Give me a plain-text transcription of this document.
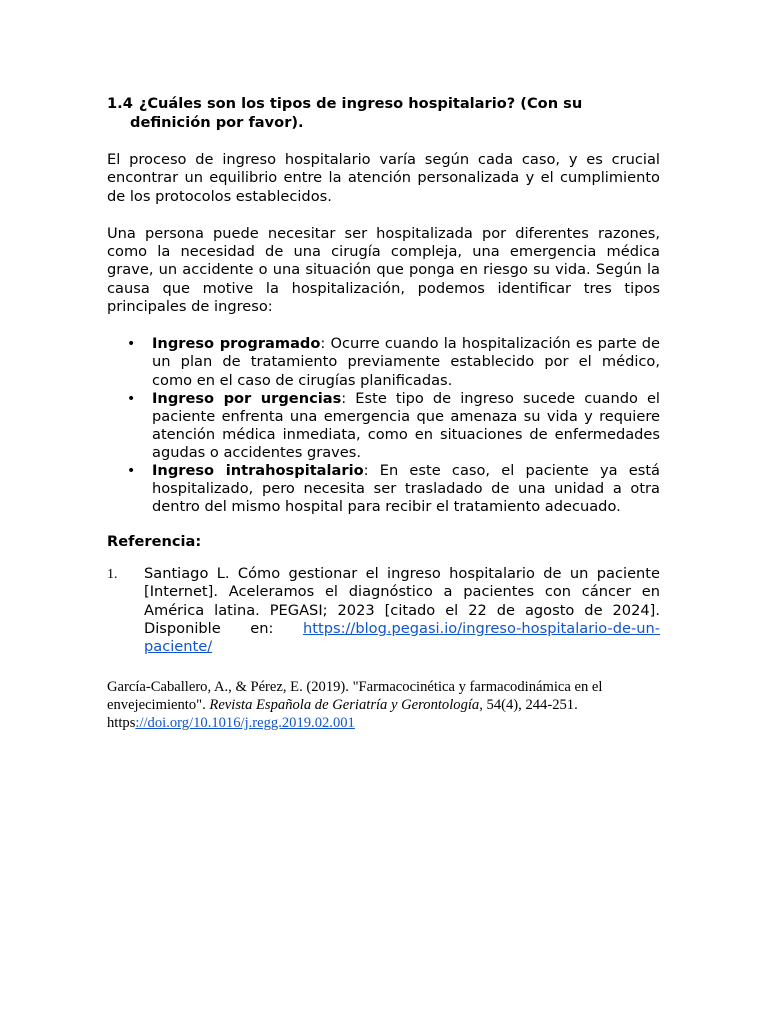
1.4 ¿Cuáles son los tipos de ingreso hospitalario? (Con su definición por favor).

El proceso de ingreso hospitalario varía según cada caso, y es crucial encontrar un equilibrio entre la atención personalizada y el cumplimiento de los protocolos establecidos.

Una persona puede necesitar ser hospitalizada por diferentes razones, como la necesidad de una cirugía compleja, una emergencia médica grave, un accidente o una situación que ponga en riesgo su vida. Según la causa que motive la hospitalización, podemos identificar tres tipos principales de ingreso:

• Ingreso programado: Ocurre cuando la hospitalización es parte de un plan de tratamiento previamente establecido por el médico, como en el caso de cirugías planificadas.
• Ingreso por urgencias: Este tipo de ingreso sucede cuando el paciente enfrenta una emergencia que amenaza su vida y requiere atención médica inmediata, como en situaciones de enfermedades agudas o accidentes graves.
• Ingreso intrahospitalario: En este caso, el paciente ya está hospitalizado, pero necesita ser trasladado de una unidad a otra dentro del mismo hospital para recibir el tratamiento adecuado.

Referencia:

1. Santiago L. Cómo gestionar el ingreso hospitalario de un paciente [Internet]. Aceleramos el diagnóstico a pacientes con cáncer en América latina. PEGASI; 2023 [citado el 22 de agosto de 2024]. Disponible en: https://blog.pegasi.io/ingreso-hospitalario-de-un-paciente/

García-Caballero, A., & Pérez, E. (2019). "Farmacocinética y farmacodinámica en el envejecimiento". Revista Española de Geriatría y Gerontología, 54(4), 244-251.
https://doi.org/10.1016/j.regg.2019.02.001
